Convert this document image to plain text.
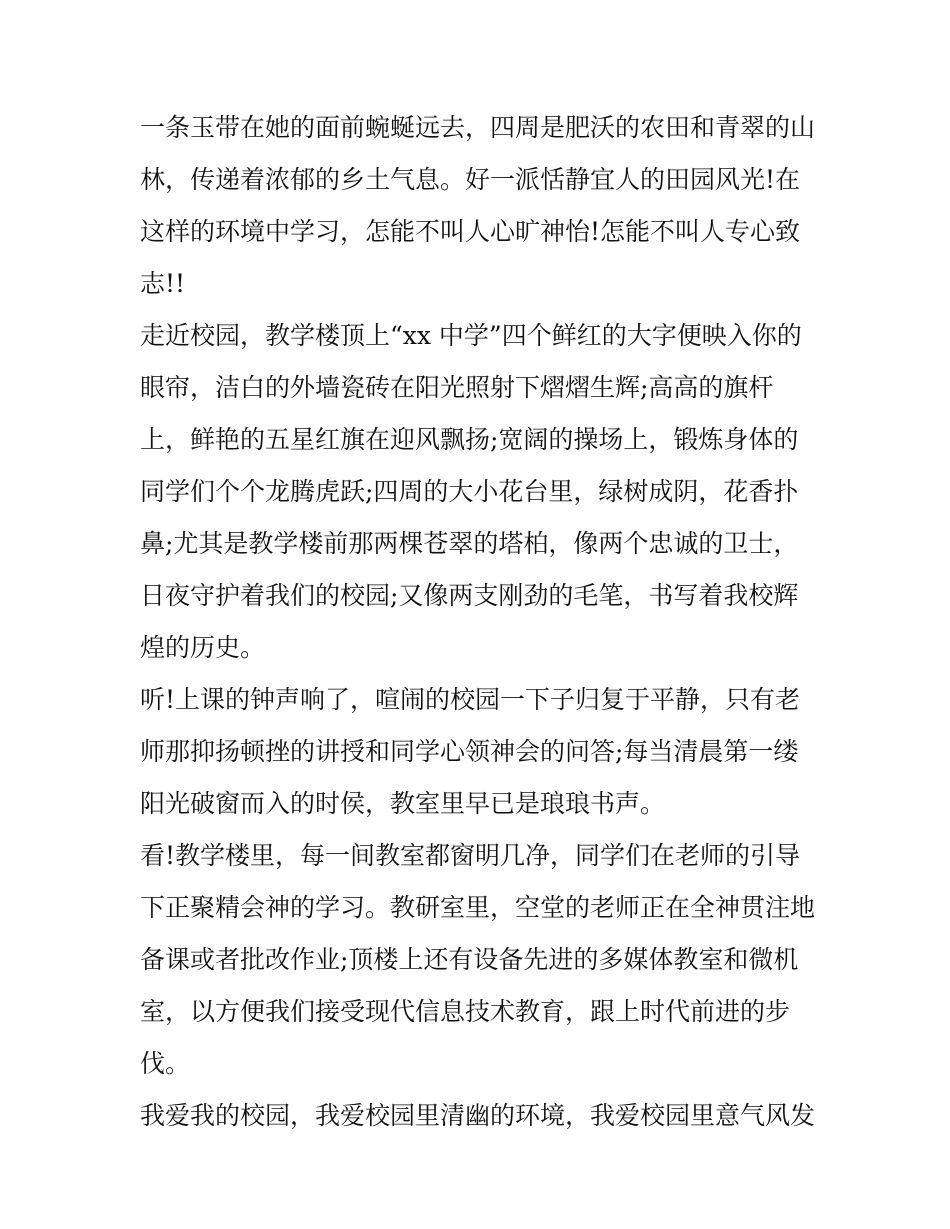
一条玉带在她的面前蜿蜒远去，四周是肥沃的农田和青翠的山
林，传递着浓郁的乡土气息。好一派恬静宜人的田园风光!在
这样的环境中学习，怎能不叫人心旷神怡!怎能不叫人专心致
志!!
走近校园，教学楼顶上“xx 中学”四个鲜红的大字便映入你的
眼帘，洁白的外墙瓷砖在阳光照射下熠熠生辉;高高的旗杆
上，鲜艳的五星红旗在迎风飘扬;宽阔的操场上，锻炼身体的
同学们个个龙腾虎跃;四周的大小花台里，绿树成阴，花香扑
鼻;尤其是教学楼前那两棵苍翠的塔柏，像两个忠诚的卫士，
日夜守护着我们的校园;又像两支刚劲的毛笔，书写着我校辉
煌的历史。
听!上课的钟声响了，喧闹的校园一下子归复于平静，只有老
师那抑扬顿挫的讲授和同学心领神会的问答;每当清晨第一缕
阳光破窗而入的时侯，教室里早已是琅琅书声。
看!教学楼里，每一间教室都窗明几净，同学们在老师的引导
下正聚精会神的学习。教研室里，空堂的老师正在全神贯注地
备课或者批改作业;顶楼上还有设备先进的多媒体教室和微机
室，以方便我们接受现代信息技术教育，跟上时代前进的步
伐。
我爱我的校园，我爱校园里清幽的环境，我爱校园里意气风发
